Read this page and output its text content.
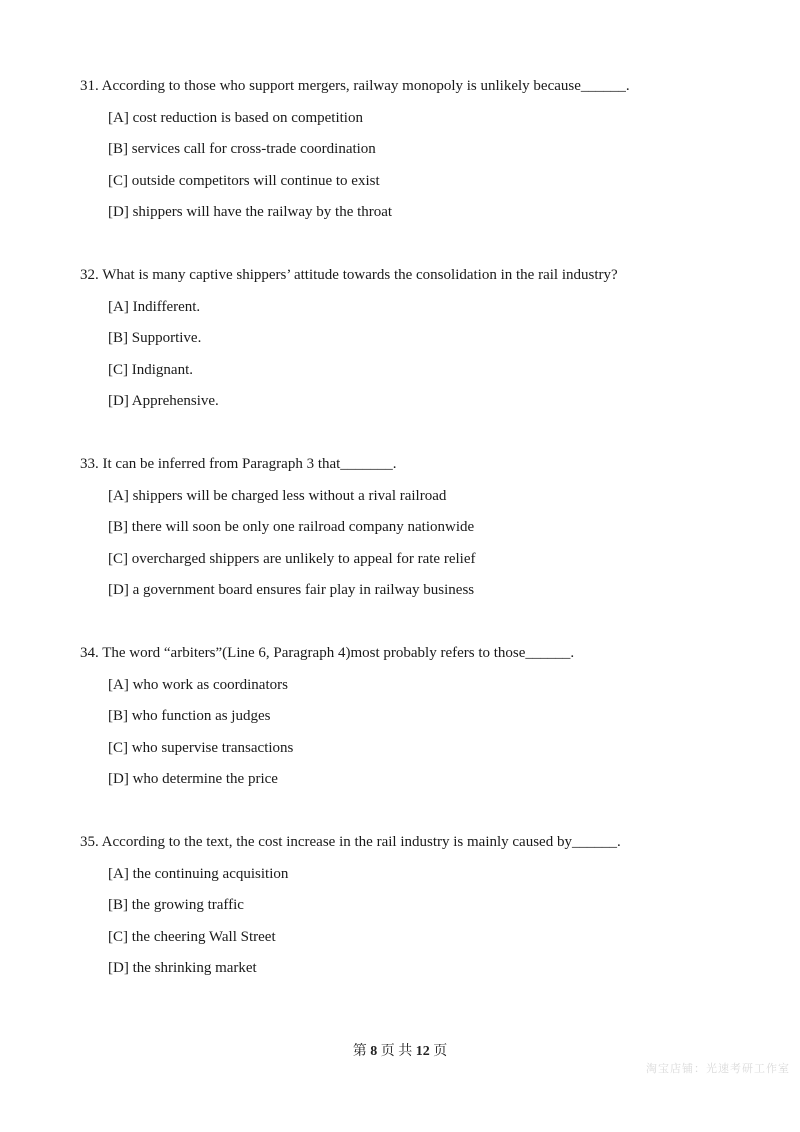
31. According to those who support mergers, railway monopoly is unlikely because______.
[A] cost reduction is based on competition
[B] services call for cross-trade coordination
[C] outside competitors will continue to exist
[D] shippers will have the railway by the throat
32. What is many captive shippers’ attitude towards the consolidation in the rail industry?
[A] Indifferent.
[B] Supportive.
[C] Indignant.
[D] Apprehensive.
33. It can be inferred from Paragraph 3 that_______.
[A] shippers will be charged less without a rival railroad
[B] there will soon be only one railroad company nationwide
[C] overcharged shippers are unlikely to appeal for rate relief
[D] a government board ensures fair play in railway business
34. The word “arbiters”(Line 6, Paragraph 4)most probably refers to those______.
[A] who work as coordinators
[B] who function as judges
[C] who supervise transactions
[D] who determine the price
35. According to the text, the cost increase in the rail industry is mainly caused by______.
[A] the continuing acquisition
[B] the growing traffic
[C] the cheering Wall Street
[D] the shrinking market
第 8 页 共 12 页
淘宝店铺：光速考研工作室
